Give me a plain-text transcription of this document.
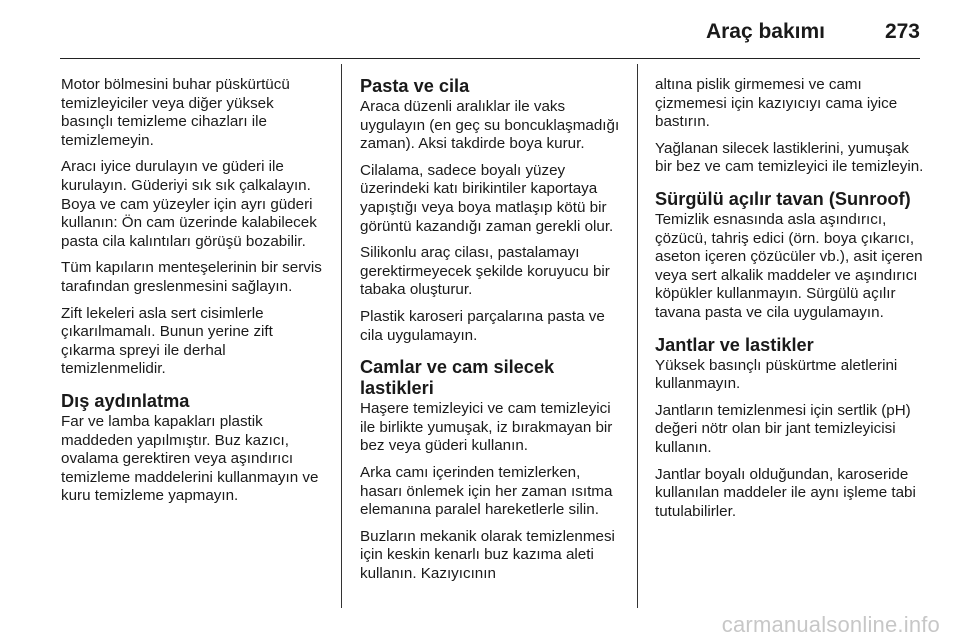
Araç bakımı	273

Motor bölmesini buhar püskürtücü temizleyiciler veya diğer yüksek basınçlı temizleme cihazları ile temizlemeyin.

Aracı iyice durulayın ve güderi ile kurulayın. Güderiyi sık sık çalkalayın. Boya ve cam yüzeyler için ayrı güderi kullanın: Ön cam üzerinde kalabilecek pasta cila kalıntıları görüşü bozabilir.

Tüm kapıların menteşelerinin bir servis tarafından greslenmesini sağlayın.

Zift lekeleri asla sert cisimlerle çıkarılmamalı. Bunun yerine zift çıkarma spreyi ile derhal temizlenmelidir.

Dış aydınlatma

Far ve lamba kapakları plastik maddeden yapılmıştır. Buz kazıcı, ovalama gerektiren veya aşındırıcı temizleme maddelerini kullanmayın ve kuru temizleme yapmayın.

Pasta ve cila

Araca düzenli aralıklar ile vaks uygulayın (en geç su boncuklaşmadığı zaman). Aksi takdirde boya kurur.

Cilalama, sadece boyalı yüzey üzerindeki katı birikintiler kaportaya yapıştığı veya boya matlaşıp kötü bir görüntü kazandığı zaman gerekli olur.

Silikonlu araç cilası, pastalamayı gerektirmeyecek şekilde koruyucu bir tabaka oluşturur.

Plastik karoseri parçalarına pasta ve cila uygulamayın.

Camlar ve cam silecek lastikleri

Haşere temizleyici ve cam temizleyici ile birlikte yumuşak, iz bırakmayan bir bez veya güderi kullanın.

Arka camı içerinden temizlerken, hasarı önlemek için her zaman ısıtma elemanına paralel hareketlerle silin.

Buzların mekanik olarak temizlenmesi için keskin kenarlı buz kazıma aleti kullanın. Kazıyıcının

altına pislik girmemesi ve camı çizmemesi için kazıyıcıyı cama iyice bastırın.

Yağlanan silecek lastiklerini, yumuşak bir bez ve cam temizleyici ile temizleyin.

Sürgülü açılır tavan (Sunroof)

Temizlik esnasında asla aşındırıcı, çözücü, tahriş edici (örn. boya çıkarıcı, aseton içeren çözücüler vb.), asit içeren veya sert alkalik maddeler ve aşındırıcı köpükler kullanmayın. Sürgülü açılır tavana pasta ve cila uygulamayın.

Jantlar ve lastikler

Yüksek basınçlı püskürtme aletlerini kullanmayın.

Jantların temizlenmesi için sertlik (pH) değeri nötr olan bir jant temizleyicisi kullanın.

Jantlar boyalı olduğundan, karoseride kullanılan maddeler ile aynı işleme tabi tutulabilirler.

carmanualsonline.info
